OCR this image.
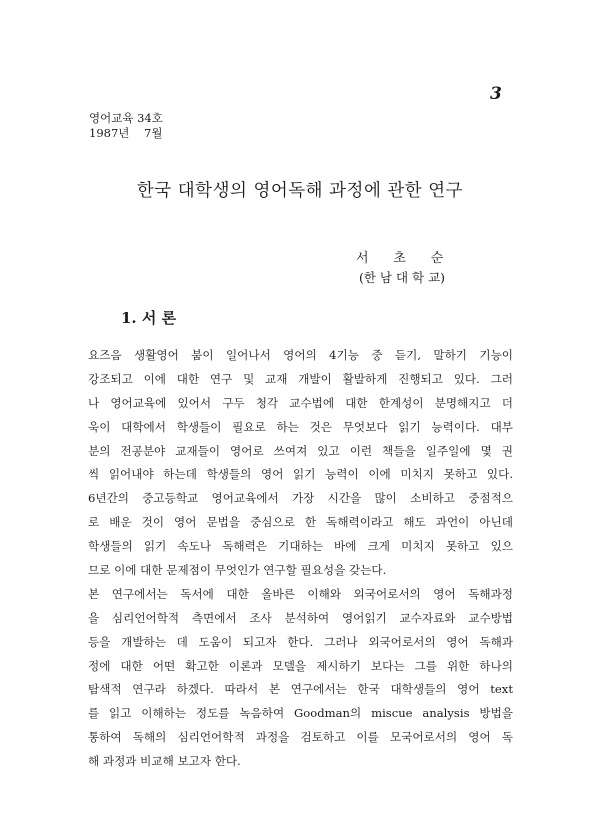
3
영어교육 34호
1987년    7월
한국 대학생의 영어독해 과정에 관한 연구
서      초      순
(한 남 대 학 교)
1. 서 론
요즈음 생활영어 붐이 일어나서 영어의 4기능 중 듣기, 말하기 기능이
강조되고 이에 대한 연구 및 교재 개발이 활발하게 진행되고 있다. 그러
나 영어교육에 있어서 구두 청각 교수법에 대한 한계성이 분명해지고 더
욱이 대학에서 학생들이 필요로 하는 것은 무엇보다 읽기 능력이다. 대부
분의 전공분야 교재들이 영어로 쓰여져 있고 이런 책들을 일주일에 몇 권
씩 읽어내야 하는데 학생들의 영어 읽기 능력이 이에 미치지 못하고 있다.
6년간의 중고등학교 영어교육에서 가장 시간을 많이 소비하고 중점적으
로 배운 것이 영어 문법을 중심으로 한 독해력이라고 해도 과언이 아닌데
학생들의 읽기 속도나 독해력은 기대하는 바에 크게 미치지 못하고 있으
므로 이에 대한 문제점이 무엇인가 연구할 필요성을 갖는다.
본 연구에서는 독서에 대한 올바른 이해와 외국어로서의 영어 독해과정
을 심리언어학적 측면에서 조사 분석하여 영어읽기 교수자료와 교수방법
등을 개발하는 데 도움이 되고자 한다. 그러나 외국어로서의 영어 독해과
정에 대한 어떤 확고한 이론과 모델을 제시하기 보다는 그를 위한 하나의
탐색적 연구라 하겠다. 따라서 본 연구에서는 한국 대학생들의 영어 text
를 읽고 이해하는 정도를 녹음하여 Goodman의 miscue analysis 방법을
통하여 독해의 심리언어학적 과정을 검토하고 이를 모국어로서의 영어 독
해 과정과 비교해 보고자 한다.
